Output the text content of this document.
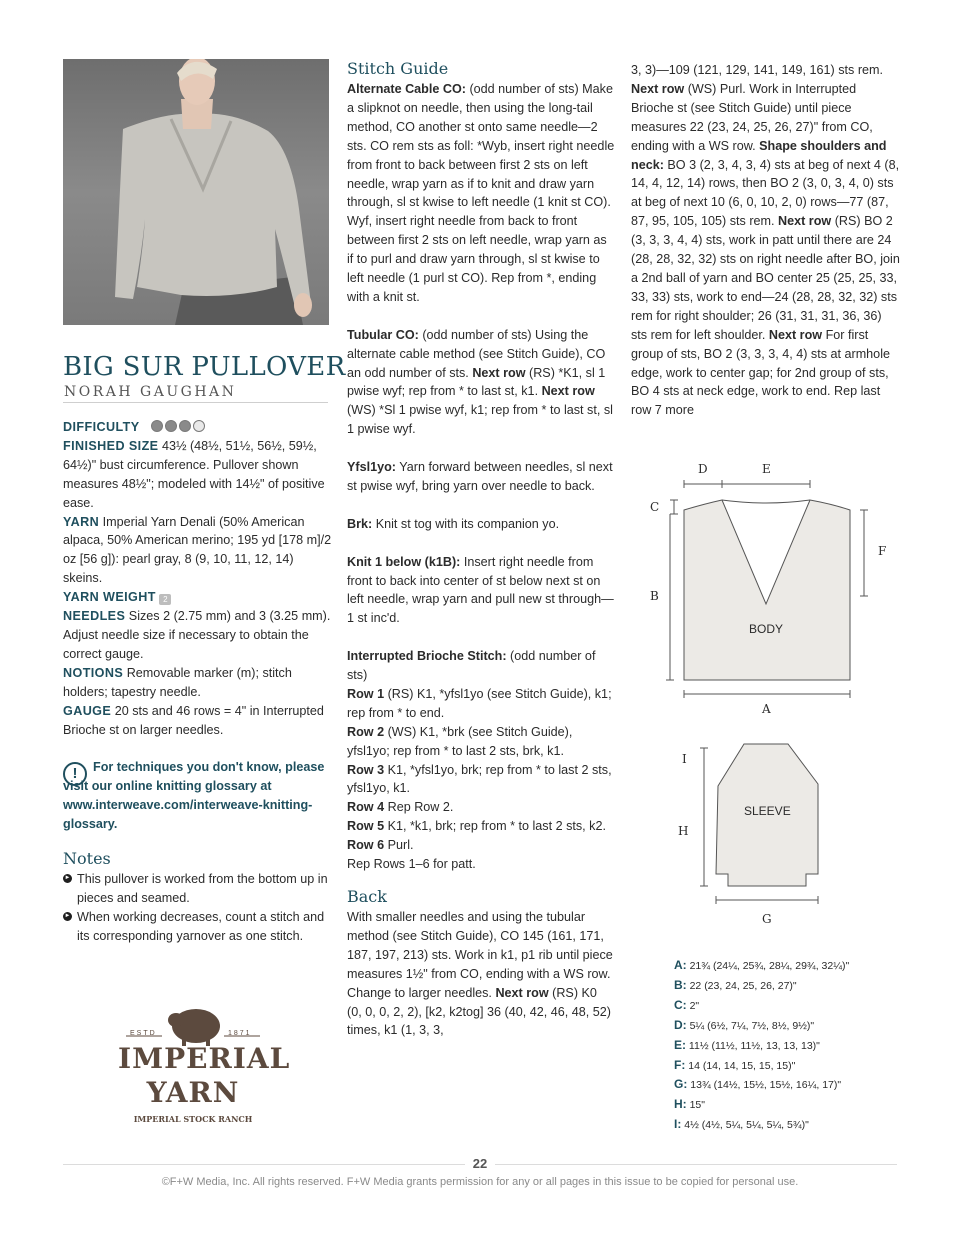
BIG SUR PULLOVER
NORAH GAUGHAN

DIFFICULTY

FINISHED SIZE 43½ (48½, 51½, 56½, 59½, 64½)" bust circumference. Pullover shown measures 48½"; modeled with 14½" of positive ease.

YARN Imperial Yarn Denali (50% American alpaca, 50% American merino; 195 yd [178 m]/2 oz [56 g]): pearl gray, 8 (9, 10, 11, 12, 14) skeins.

YARN WEIGHT 2

NEEDLES Sizes 2 (2.75 mm) and 3 (3.25 mm). Adjust needle size if necessary to obtain the correct gauge.

NOTIONS Removable marker (m); stitch holders; tapestry needle.

GAUGE 20 sts and 46 rows = 4" in Interrupted Brioche st on larger needles.

!	For techniques you don't know, please visit our online knitting glossary at www.interweave.com/interweave-knitting-glossary.

Notes

► This pullover is worked from the bottom up in pieces and seamed.
► When working decreases, count a stitch and its corresponding yarnover as one stitch.
ESTD	1871
IMPERIAL
YARN
IMPERIAL STOCK RANCH

Stitch Guide

Alternate Cable CO: (odd number of sts) Make a slipknot on needle, then using the long-tail method, CO another st onto same needle—2 sts. CO rem sts as foll: *Wyb, insert right needle from front to back between first 2 sts on left needle, wrap yarn as if to knit and draw yarn through, sl st kwise to left needle (1 knit st CO). Wyf, insert right needle from back to front between first 2 sts on left needle, wrap yarn as if to purl and draw yarn through, sl st kwise to left needle (1 purl st CO). Rep from *, ending with a knit st.

Tubular CO: (odd number of sts) Using the alternate cable method (see Stitch Guide), CO an odd number of sts. Next row (RS) *K1, sl 1 pwise wyf; rep from * to last st, k1. Next row (WS) *Sl 1 pwise wyf, k1; rep from * to last st, sl 1 pwise wyf.

Yfsl1yo: Yarn forward between needles, sl next st pwise wyf, bring yarn over needle to back.

Brk: Knit st tog with its companion yo.

Knit 1 below (k1B): Insert right needle from front to back into center of st below next st on left needle, wrap yarn and pull new st through—1 st inc'd.

Interrupted Brioche Stitch: (odd number of sts)

Row 1 (RS) K1, *yfsl1yo (see Stitch Guide), k1; rep from * to end.

Row 2 (WS) K1, *brk (see Stitch Guide), yfsl1yo; rep from * to last 2 sts, brk, k1.

Row 3 K1, *yfsl1yo, brk; rep from * to last 2 sts, yfsl1yo, k1.

Row 4 Rep Row 2.

Row 5 K1, *k1, brk; rep from * to last 2 sts, k2.

Row 6 Purl.

Rep Rows 1–6 for patt.

Back

With smaller needles and using the tubular method (see Stitch Guide), CO 145 (161, 171, 187, 197, 213) sts. Work in k1, p1 rib until piece measures 1½" from CO, ending with a WS row. Change to larger needles. Next row (RS) K0 (0, 0, 0, 2, 2), [k2, k2tog] 36 (40, 42, 46, 48, 52) times, k1 (1, 3, 3,

3, 3)—109 (121, 129, 141, 149, 161) sts rem. Next row (WS) Purl. Work in Interrupted Brioche st (see Stitch Guide) until piece measures 22 (23, 24, 25, 26, 27)" from CO, ending with a WS row. Shape shoulders and neck: BO 3 (2, 3, 4, 3, 4) sts at beg of next 4 (8, 14, 4, 12, 14) rows, then BO 2 (3, 0, 3, 4, 0) sts at beg of next 10 (6, 0, 10, 2, 0) rows—77 (87, 87, 95, 105, 105) sts rem. Next row (RS) BO 2 (3, 3, 3, 4, 4) sts, work in patt until there are 24 (28, 28, 32, 32) sts on right needle after BO, join a 2nd ball of yarn and BO center 25 (25, 25, 33, 33, 33) sts, work to end—24 (28, 28, 32, 32) sts rem for right shoulder; 26 (31, 31, 31, 36, 36) sts rem for left shoulder. Next row For first group of sts, BO 2 (3, 3, 3, 4, 4) sts at armhole edge, work to center gap; for 2nd group of sts, BO 4 sts at neck edge, work to end. Rep last row 7 more

D	E
C
B
F
A
BODY
I
H
SLEEVE
G

A: 21¾ (24¼, 25¾, 28¼, 29¾, 32¼)"

B: 22 (23, 24, 25, 26, 27)"

C: 2"

D: 5¼ (6½, 7¼, 7½, 8½, 9½)"

E: 11½ (11½, 11½, 13, 13, 13)"

F: 14 (14, 14, 15, 15, 15)"

G: 13¾ (14½, 15½, 15½, 16¼, 17)"

H: 15"

I: 4½ (4½, 5¼, 5¼, 5¼, 5¾)"

22
©F+W Media, Inc. All rights reserved. F+W Media grants permission for any or all pages in this issue to be copied for personal use.
